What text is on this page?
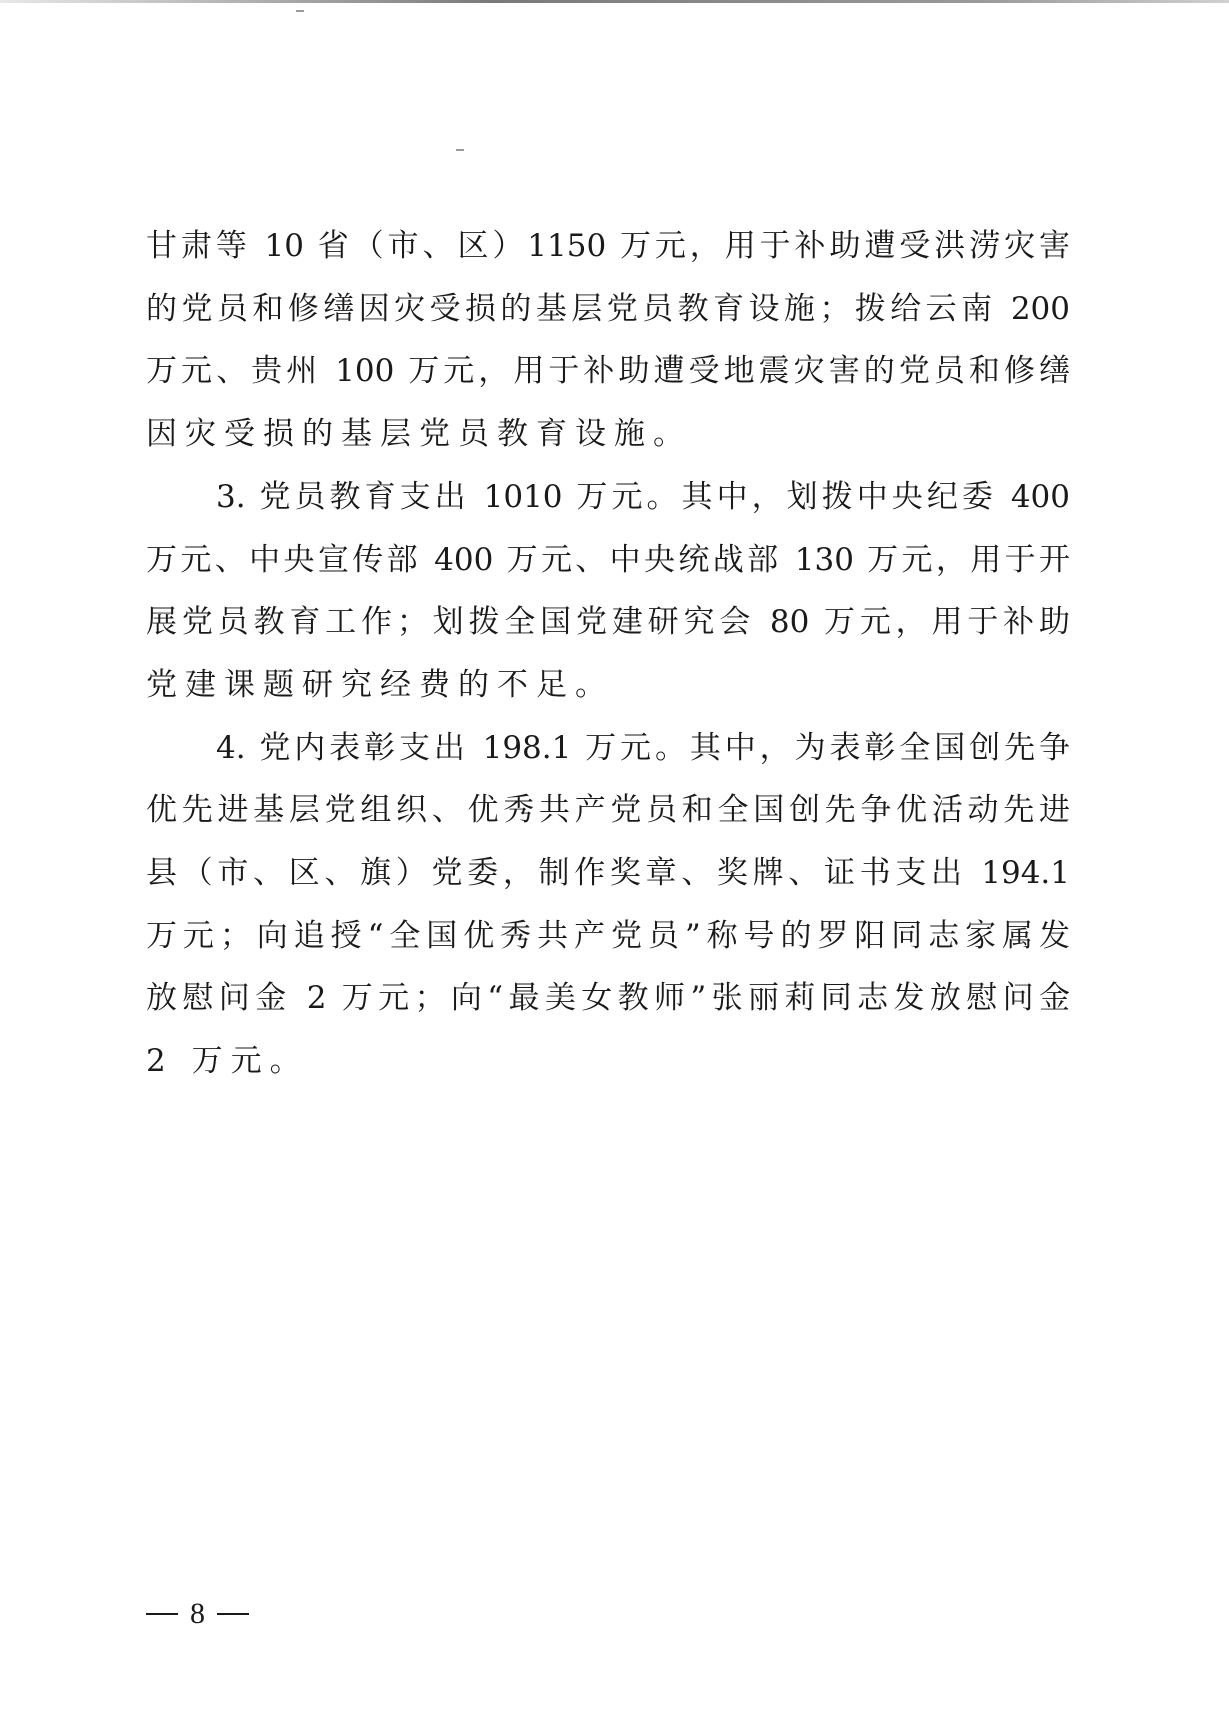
甘肃等 10 省（市、区）1150 万元，用于补助遭受洪涝灾害
的党员和修缮因灾受损的基层党员教育设施；拨给云南 200
万元、贵州 100 万元，用于补助遭受地震灾害的党员和修缮
因灾受损的基层党员教育设施。
3. 党员教育支出 1010 万元。其中，划拨中央纪委 400
万元、中央宣传部 400 万元、中央统战部 130 万元，用于开
展党员教育工作；划拨全国党建研究会 80 万元，用于补助
党建课题研究经费的不足。
4. 党内表彰支出 198.1 万元。其中，为表彰全国创先争
优先进基层党组织、优秀共产党员和全国创先争优活动先进
县（市、区、旗）党委，制作奖章、奖牌、证书支出 194.1
万元；向追授“全国优秀共产党员”称号的罗阳同志家属发
放慰问金 2 万元；向“最美女教师”张丽莉同志发放慰问金
2 万元。
8
